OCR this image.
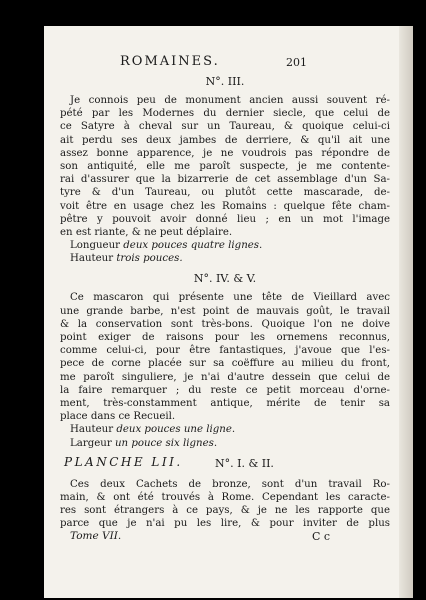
ROMAINES.	201
N°. III.
Je connois peu de monument ancien aussi souvent ré-
pété par les Modernes du dernier siecle, que celui de
ce Satyre à cheval sur un Taureau, & quoique celui-ci
ait perdu ses deux jambes de derriere, & qu'il ait une
assez bonne apparence, je ne voudrois pas répondre de
son antiquité, elle me paroît suspecte, je me contente-
rai d'assurer que la bizarrerie de cet assemblage d'un Sa-
tyre & d'un Taureau, ou plutôt cette mascarade, de-
voit être en usage chez les Romains : quelque fête cham-
pêtre y pouvoit avoir donné lieu ; en un mot l'image
en est riante, & ne peut déplaire.
Longueur deux pouces quatre lignes.
Hauteur trois pouces.
N°. IV. & V.
Ce mascaron qui présente une tête de Vieillard avec
une grande barbe, n'est point de mauvais goût, le travail
& la conservation sont très-bons. Quoique l'on ne doive
point exiger de raisons pour les ornemens reconnus,
comme celui-ci, pour être fantastiques, j'avoue que l'es-
pece de corne placée sur sa coëffure au milieu du front,
me paroît singuliere, je n'ai d'autre dessein que celui de
la faire remarquer ; du reste ce petit morceau d'orne-
ment, très-constamment antique, mérite de tenir sa
place dans ce Recueil.
Hauteur deux pouces une ligne.
Largeur un pouce six lignes.
PLANCHE LII.	N°. I. & II.
Ces deux Cachets de bronze, sont d'un travail Ro-
main, & ont été trouvés à Rome. Cependant les caracte-
res sont étrangers à ce pays, & je ne les rapporte que
parce que je n'ai pu les lire, & pour inviter de plus
Tome VII.	C c
